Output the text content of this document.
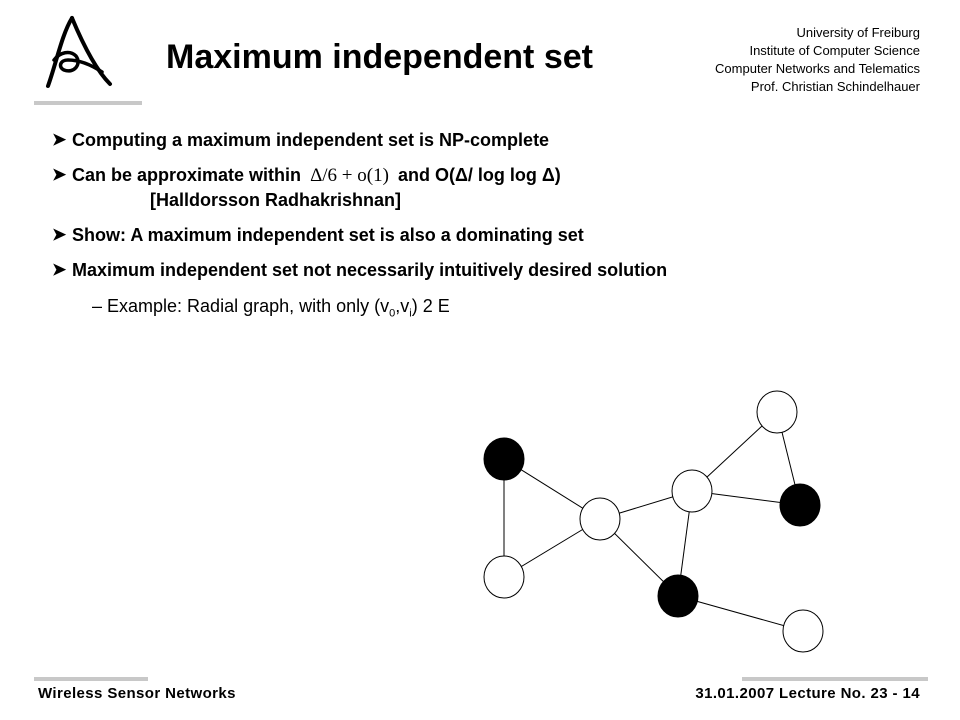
Maximum independent set
University of Freiburg
Institute of Computer Science
Computer Networks and Telematics
Prof. Christian Schindelhauer
➤ Computing a maximum independent set is NP-complete
➤ Can be approximate within Δ/6 + o(1) and O(Δ/ log log Δ)
[Halldorsson Radhakrishnan]
➤ Show: A maximum independent set is also a dominating set
➤ Maximum independent set not necessarily intuitively desired solution
– Example: Radial graph, with only $(v_0,v_i)$ 2 E
Wireless Sensor Networks	31.01.2007 Lecture No. 23 - 14
